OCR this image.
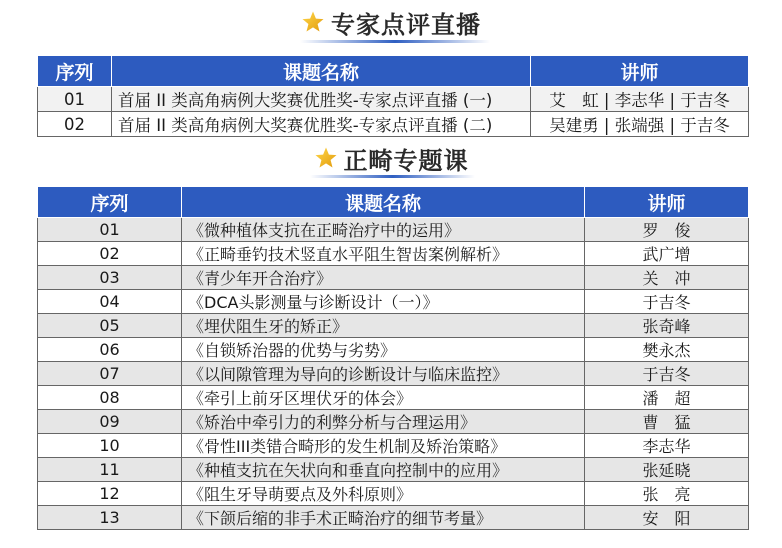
专家点评直播
序列	课题名称	讲师
01	首届 II 类高角病例大奖赛优胜奖-专家点评直播 (一)	艾　虹 | 李志华 | 于吉冬
02	首届 II 类高角病例大奖赛优胜奖-专家点评直播 (二)	吴建勇 | 张端强 | 于吉冬
正畸专题课
序列	课题名称	讲师
01	《微种植体支抗在正畸治疗中的运用》	罗　俊
02	《正畸垂钓技术竖直水平阻生智齿案例解析》	武广增
03	《青少年开合治疗》	关　冲
04	《DCA头影测量与诊断设计（一）》	于吉冬
05	《埋伏阻生牙的矫正》	张奇峰
06	《自锁矫治器的优势与劣势》	樊永杰
07	《以间隙管理为导向的诊断设计与临床监控》	于吉冬
08	《牵引上前牙区埋伏牙的体会》	潘　超
09	《矫治中牵引力的利弊分析与合理运用》	曹　猛
10	《骨性III类错合畸形的发生机制及矫治策略》	李志华
11	《种植支抗在矢状向和垂直向控制中的应用》	张延晓
12	《阻生牙导萌要点及外科原则》	张　亮
13	《下颌后缩的非手术正畸治疗的细节考量》	安　阳
